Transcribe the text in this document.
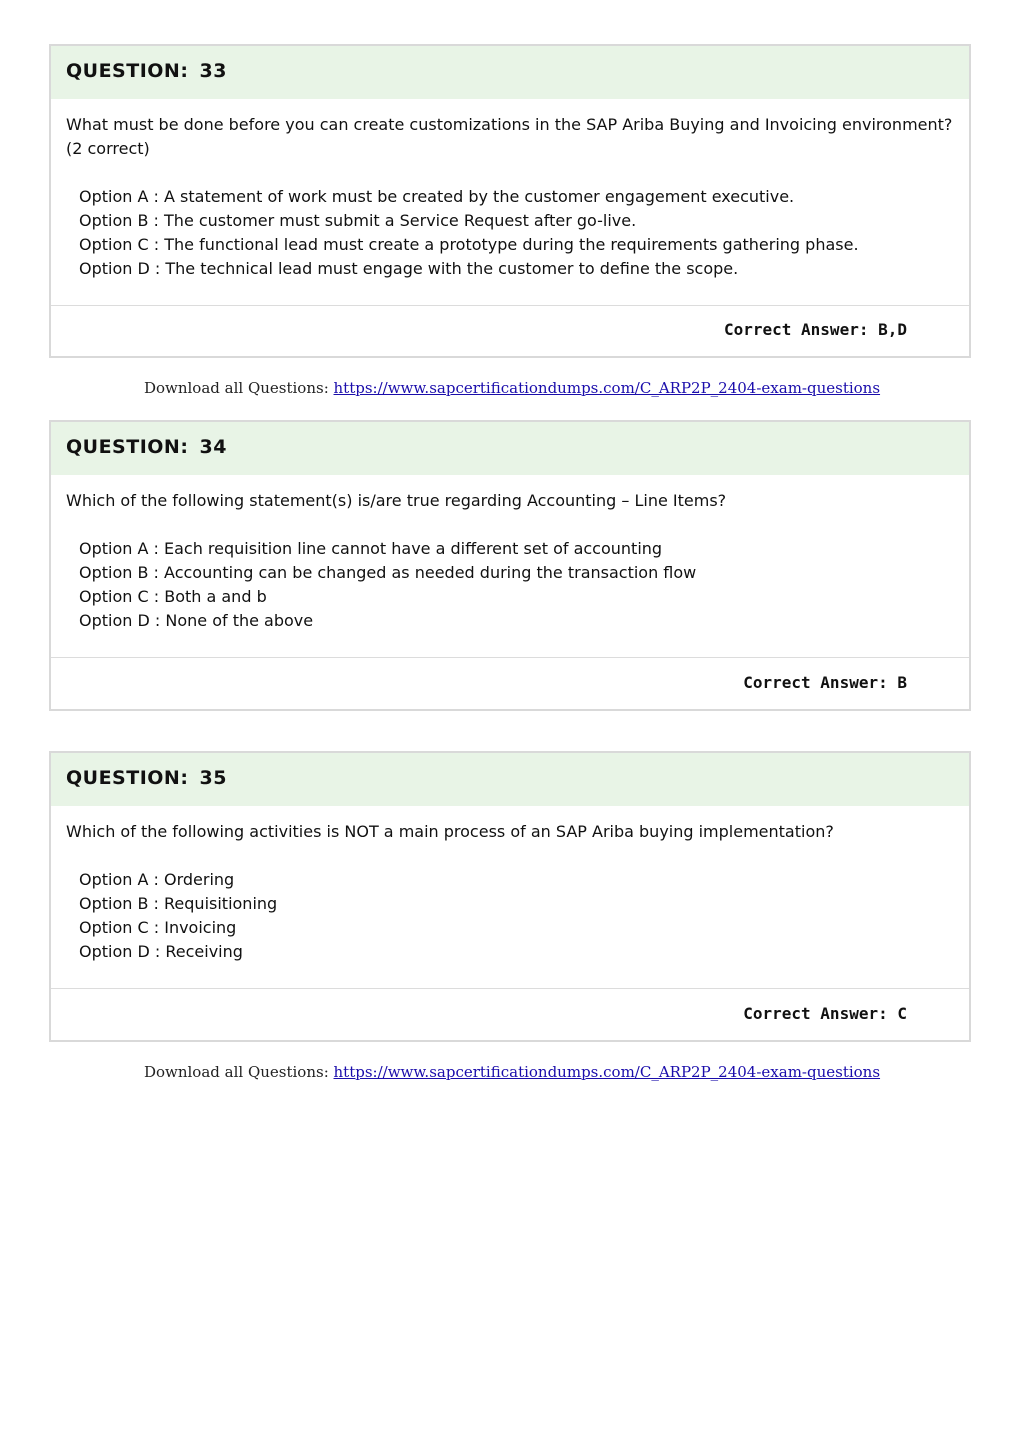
QUESTION: 33

What must be done before you can create customizations in the SAP Ariba Buying and Invoicing environment? (2 correct)

Option A : A statement of work must be created by the customer engagement executive.
Option B : The customer must submit a Service Request after go-live.
Option C : The functional lead must create a prototype during the requirements gathering phase.
Option D : The technical lead must engage with the customer to define the scope.
Correct Answer: B,D
Download all Questions: https://www.sapcertificationdumps.com/C_ARP2P_2404-exam-questions
QUESTION: 34

Which of the following statement(s) is/are true regarding Accounting – Line Items?

Option A : Each requisition line cannot have a different set of accounting
Option B : Accounting can be changed as needed during the transaction flow
Option C : Both a and b
Option D : None of the above
Correct Answer: B
QUESTION: 35

Which of the following activities is NOT a main process of an SAP Ariba buying implementation?

Option A : Ordering
Option B : Requisitioning
Option C : Invoicing
Option D : Receiving
Correct Answer: C
Download all Questions: https://www.sapcertificationdumps.com/C_ARP2P_2404-exam-questions
